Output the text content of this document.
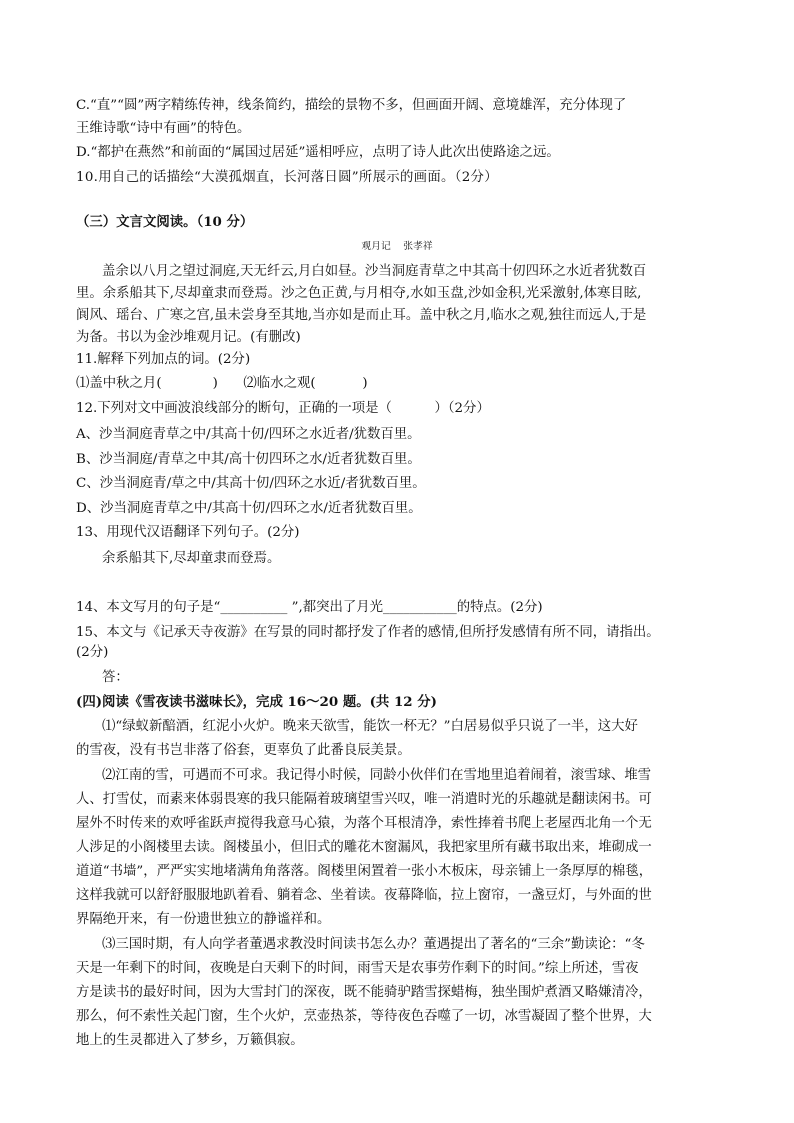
C.“直”“圆”两字精练传神，线条简约，描绘的景物不多，但画面开阔、意境雄浑，充分体现了
王维诗歌“诗中有画”的特色。
D.“都护在燕然”和前面的“属国过居延”遥相呼应，点明了诗人此次出使路途之远。
10.用自己的话描绘“大漠孤烟直，长河落日圆”所展示的画面。（2分）
（三）文言文阅读。（10 分）
观月记    张孝祥
盖余以八月之望过洞庭,天无纤云,月白如昼。沙当洞庭青草之中其高十仞四环之水近者犹数百
里。余系船其下,尽却童隶而登焉。沙之色正黄,与月相夺,水如玉盘,沙如金积,光采激射,体寒目眩,
阆风、瑶台、广寒之宫,虽未尝身至其地,当亦如是而止耳。盖中秋之月,临水之观,独往而远人,于是
为备。书以为金沙堆观月记。(有删改)
11.解释下列加点的词。(2分)
⑴盖中秋之月(            )      ⑵临水之观(           )
12.下列对文中画波浪线部分的断句，正确的一项是（          ）（2分）
A、沙当洞庭青草之中/其高十仞/四环之水近者/犹数百里。
B、沙当洞庭/青草之中其/高十仞四环之水/近者犹数百里。
C、沙当洞庭青/草之中/其高十仞/四环之水近/者犹数百里。
D、沙当洞庭青草之中/其高十仞/四环之水/近者犹数百里。
13、用现代汉语翻译下列句子。(2分)
余系船其下,尽却童隶而登焉。
14、本文写月的句子是“__________ ”,都突出了月光___________的特点。(2分)
15、本文与《记承天寺夜游》在写景的同时都抒发了作者的感情,但所抒发感情有所不同，请指出。
(2分)
答：
(四)阅读《雪夜读书滋味长》，完成 16～20 题。(共 12 分)
⑴“绿蚁新醅酒，红泥小火炉。晚来天欲雪，能饮一杯无？”白居易似乎只说了一半，这大好
的雪夜，没有书岂非落了俗套，更辜负了此番良辰美景。
⑵江南的雪，可遇而不可求。我记得小时候，同龄小伙伴们在雪地里追着闹着，滚雪球、堆雪
人、打雪仗，而素来体弱畏寒的我只能隔着玻璃望雪兴叹，唯一消遣时光的乐趣就是翻读闲书。可
屋外不时传来的欢呼雀跃声搅得我意马心猿，为落个耳根清净，索性捧着书爬上老屋西北角一个无
人涉足的小阁楼里去读。阁楼虽小，但旧式的雕花木窗漏风，我把家里所有藏书取出来，堆砌成一
道道“书墙”，严严实实地堵满角角落落。阁楼里闲置着一张小木板床，母亲铺上一条厚厚的棉毯，
这样我就可以舒舒服服地趴着看、躺着念、坐着读。夜幕降临，拉上窗帘，一盏豆灯，与外面的世
界隔绝开来，有一份遗世独立的静谧祥和。
⑶三国时期，有人向学者董遇求教没时间读书怎么办？董遇提出了著名的“三余”勤读论：“冬
天是一年剩下的时间，夜晚是白天剩下的时间，雨雪天是农事劳作剩下的时间。”综上所述，雪夜
方是读书的最好时间，因为大雪封门的深夜，既不能骑驴踏雪探蜡梅，独坐围炉煮酒又略嫌清冷，
那么，何不索性关起门窗，生个火炉，烹壶热茶，等待夜色吞噬了一切，冰雪凝固了整个世界，大
地上的生灵都进入了梦乡，万籁俱寂。
